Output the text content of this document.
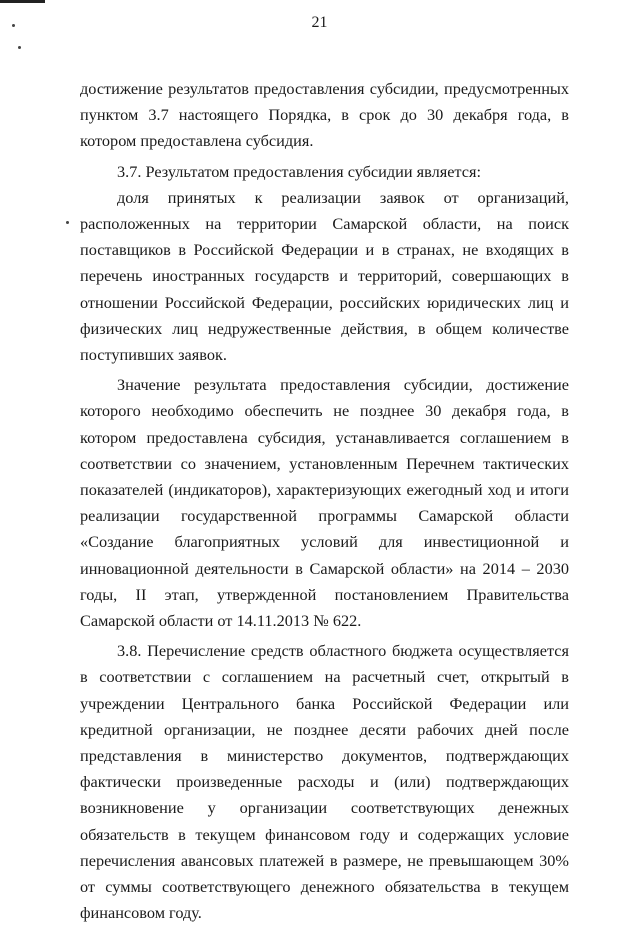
21

достижение результатов предоставления субсидии, предусмотренных пунктом 3.7 настоящего Порядка, в срок до 30 декабря года, в котором предоставлена субсидия.

3.7. Результатом предоставления субсидии является:

доля принятых к реализации заявок от организаций, расположенных на территории Самарской области, на поиск поставщиков в Российской Федерации и в странах, не входящих в перечень иностранных государств и территорий, совершающих в отношении Российской Федерации, российских юридических лиц и физических лиц недружественные действия, в общем количестве поступивших заявок.

Значение результата предоставления субсидии, достижение которого необходимо обеспечить не позднее 30 декабря года, в котором предоставлена субсидия, устанавливается соглашением в соответствии со значением, установленным Перечнем тактических показателей (индикаторов), характеризующих ежегодный ход и итоги реализации государственной программы Самарской области «Создание благоприятных условий для инвестиционной и инновационной деятельности в Самарской области» на 2014 – 2030 годы, II этап, утвержденной постановлением Правительства Самарской области от 14.11.2013 № 622.

3.8. Перечисление средств областного бюджета осуществляется в соответствии с соглашением на расчетный счет, открытый в учреждении Центрального банка Российской Федерации или кредитной организации, не позднее десяти рабочих дней после представления в министерство документов, подтверждающих фактически произведенные расходы и (или) подтверждающих возникновение у организации соответствующих денежных обязательств в текущем финансовом году и содержащих условие перечисления авансовых платежей в размере, не превышающем 30% от суммы соответствующего денежного обязательства в текущем финансовом году.
